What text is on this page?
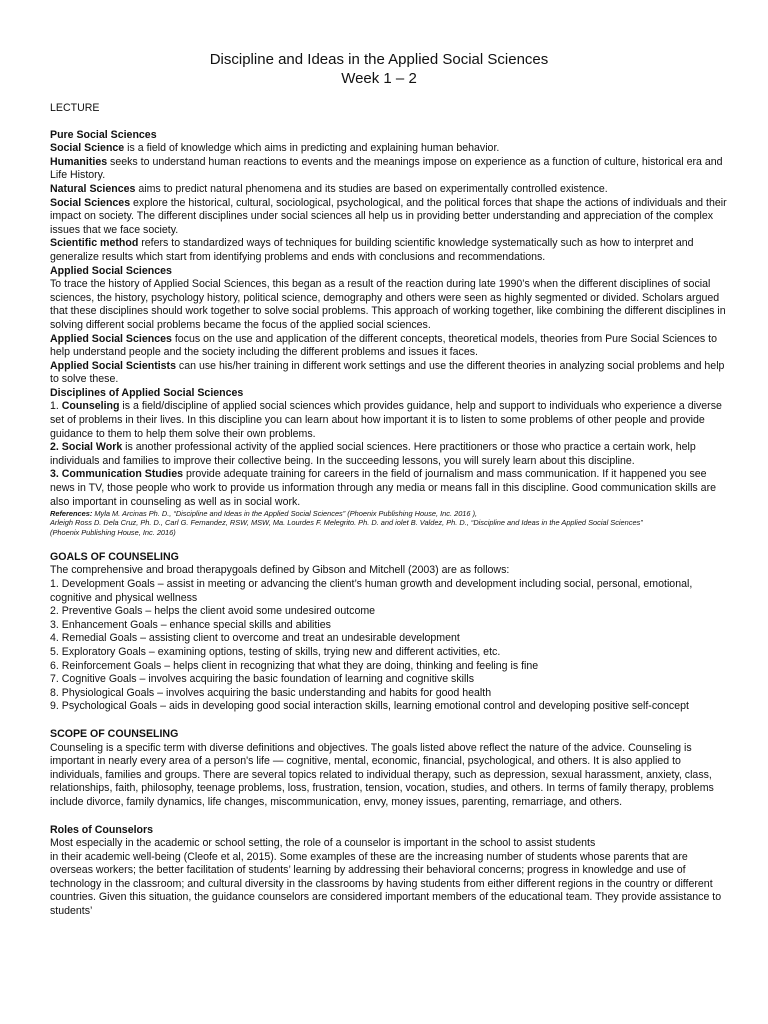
Discipline and Ideas in the Applied Social Sciences
Week 1 – 2

LECTURE

Pure Social Sciences

Social Science is a field of knowledge which aims in predicting and explaining human behavior.

Humanities seeks to understand human reactions to events and the meanings impose on experience as a function of culture, historical era and Life History.

Natural Sciences aims to predict natural phenomena and its studies are based on experimentally controlled existence.

Social Sciences explore the historical, cultural, sociological, psychological, and the political forces that shape the actions of individuals and their impact on society. The different disciplines under social sciences all help us in providing better understanding and appreciation of the complex issues that we face society.

Scientific method refers to standardized ways of techniques for building scientific knowledge systematically such as how to interpret and generalize results which start from identifying problems and ends with conclusions and recommendations.

Applied Social Sciences

To trace the history of Applied Social Sciences, this began as a result of the reaction during late 1990’s when the different disciplines of social sciences, the history, psychology history, political science, demography and others were seen as highly segmented or divided. Scholars argued that these disciplines should work together to solve social problems. This approach of working together, like combining the different disciplines in solving different social problems became the focus of the applied social sciences.

Applied Social Sciences focus on the use and application of the different concepts, theoretical models, theories from Pure Social Sciences to help understand people and the society including the different problems and issues it faces.

Applied Social Scientists can use his/her training in different work settings and use the different theories in analyzing social problems and help to solve these.

Disciplines of Applied Social Sciences

1. Counseling is a field/discipline of applied social sciences which provides guidance, help and support to individuals who experience a diverse set of problems in their lives. In this discipline you can learn about how important it is to listen to some problems of other people and provide guidance to them to help them solve their own problems.

2. Social Work is another professional activity of the applied social sciences. Here practitioners or those who practice a certain work, help individuals and families to improve their collective being. In the succeeding lessons, you will surely learn about this discipline.

3. Communication Studies provide adequate training for careers in the field of journalism and mass communication. If it happened you see news in TV, those people who work to provide us information through any media or means fall in this discipline. Good communication skills are also important in counseling as well as in social work.

References: Myla M. Arcinas Ph. D., “Discipline and Ideas in the Applied Social Sciences” (Phoenix Publishing House, Inc. 2016 ),

Arleigh Ross D. Dela Cruz, Ph. D., Carl G. Fernandez, RSW, MSW, Ma. Lourdes F. Melegrito. Ph. D. and iolet B. Valdez, Ph. D., “Discipline and Ideas in the Applied Social Sciences”

(Phoenix Publishing House, Inc. 2016)

GOALS OF COUNSELING

The comprehensive and broad therapygoals defined by Gibson and Mitchell (2003) are as follows:

1. Development Goals – assist in meeting or advancing the client’s human growth and development including social, personal, emotional, cognitive and physical wellness
2. Preventive Goals – helps the client avoid some undesired outcome
3. Enhancement Goals – enhance special skills and abilities
4. Remedial Goals – assisting client to overcome and treat an undesirable development
5. Exploratory Goals – examining options, testing of skills, trying new and different activities, etc.
6. Reinforcement Goals – helps client in recognizing that what they are doing, thinking and feeling is fine
7. Cognitive Goals – involves acquiring the basic foundation of learning and cognitive skills
8. Physiological Goals – involves acquiring the basic understanding and habits for good health
9. Psychological Goals – aids in developing good social interaction skills, learning emotional control and developing positive self-concept

SCOPE OF COUNSELING

Counseling is a specific term with diverse definitions and objectives. The goals listed above reflect the nature of the advice. Counseling is important in nearly every area of a person's life — cognitive, mental, economic, financial, psychological, and others. It is also applied to individuals, families and groups. There are several topics related to individual therapy, such as depression, sexual harassment, anxiety, class, relationships, faith, philosophy, teenage problems, loss, frustration, tension, vocation, studies, and others. In terms of family therapy, problems include divorce, family dynamics, life changes, miscommunication, envy, money issues, parenting, remarriage, and others.

Roles of Counselors

Most especially in the academic or school setting, the role of a counselor is important in the school to assist students

in their academic well-being (Cleofe et al, 2015). Some examples of these are the increasing number of students whose parents that are overseas workers; the better facilitation of students’ learning by addressing their behavioral concerns; progress in knowledge and use of technology in the classroom; and cultural diversity in the classrooms by having students from either different regions in the country or different countries. Given this situation, the guidance counselors are considered important members of the educational team. They provide assistance to students’
